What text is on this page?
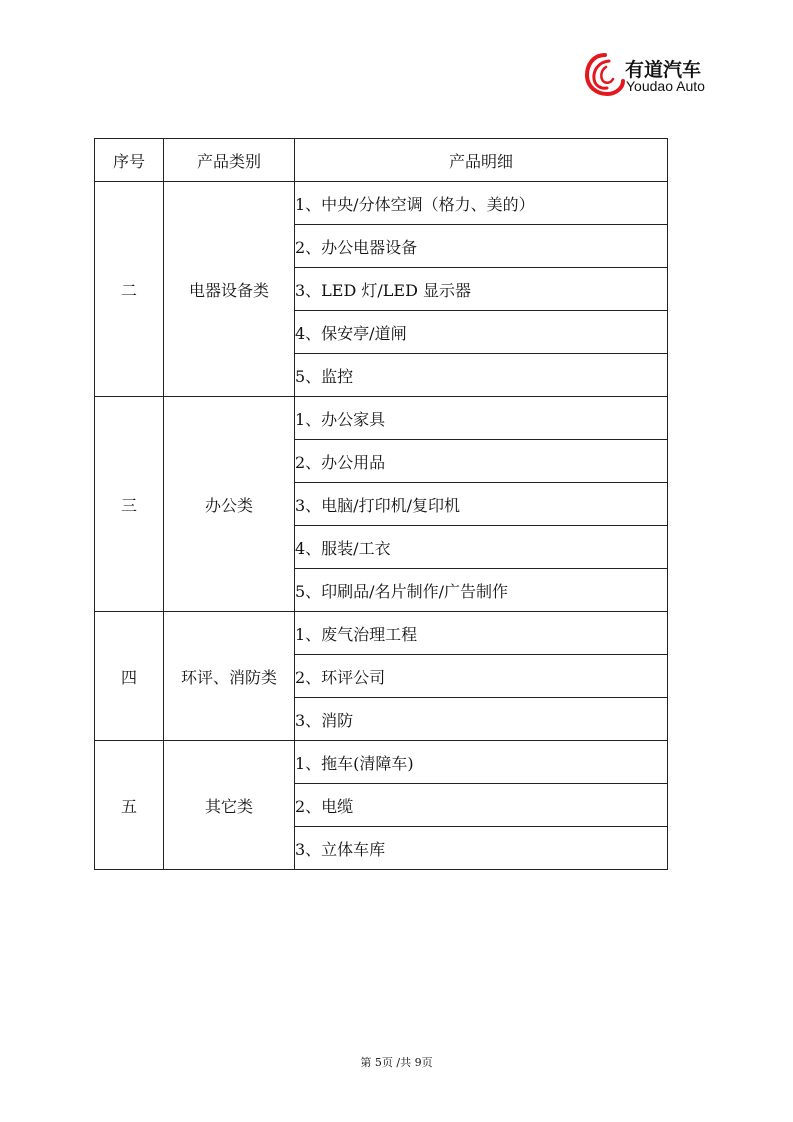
有道汽车
Youdao Auto
序号	产品类别	产品明细
二	电器设备类	1、中央/分体空调（格力、美的）
		2、办公电器设备
		3、LED 灯/LED 显示器
		4、保安亭/道闸
		5、监控
三	办公类	1、办公家具
		2、办公用品
		3、电脑/打印机/复印机
		4、服装/工衣
		5、印刷品/名片制作/广告制作
四	环评、消防类	1、废气治理工程
		2、环评公司
		3、消防
五	其它类	1、拖车(清障车)
		2、电缆
		3、立体车库
第 5页 /共 9页
